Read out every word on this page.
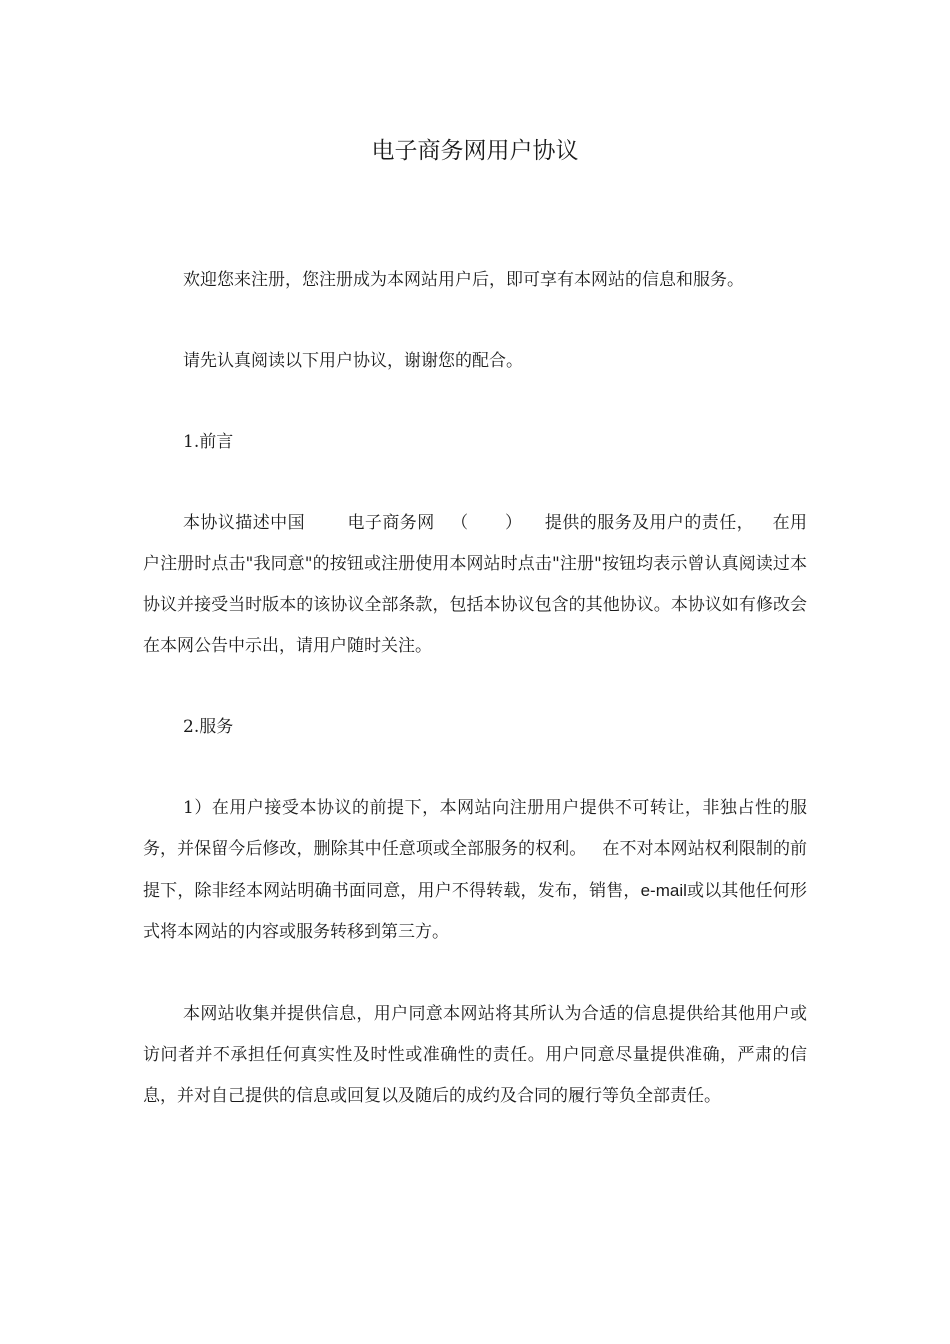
电子商务网用户协议

欢迎您来注册，您注册成为本网站用户后，即可享有本网站的信息和服务。

请先认真阅读以下用户协议，谢谢您的配合。

1.前言

本协议描述中国 电子商务网 （ ） 提供的服务及用户的责任， 在用户注册时点击"我同意"的按钮或注册使用本网站时点击"注册"按钮均表示曾认真阅读过本协议并接受当时版本的该协议全部条款，包括本协议包含的其他协议。本协议如有修改会在本网公告中示出，请用户随时关注。

2.服务

1）在用户接受本协议的前提下，本网站向注册用户提供不可转让，非独占性的服务，并保留今后修改，删除其中任意项或全部服务的权利。 在不对本网站权利限制的前提下，除非经本网站明确书面同意，用户不得转载，发布，销售，e-mail或以其他任何形式将本网站的内容或服务转移到第三方。

本网站收集并提供信息，用户同意本网站将其所认为合适的信息提供给其他用户或访问者并不承担任何真实性及时性或准确性的责任。用户同意尽量提供准确，严肃的信息，并对自己提供的信息或回复以及随后的成约及合同的履行等负全部责任。
